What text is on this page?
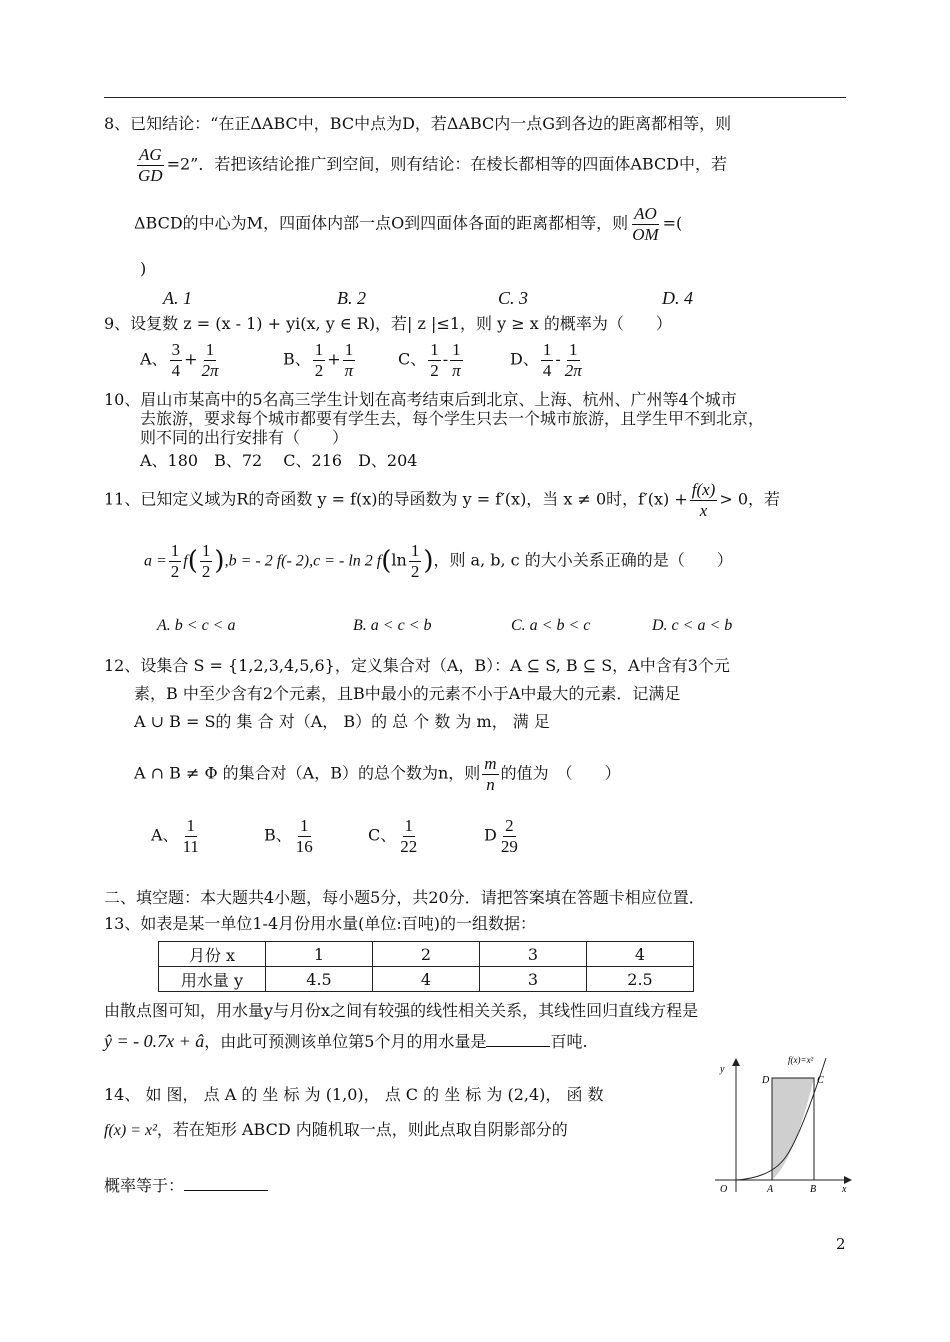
8、已知结论：“在正ΔABC中，BC中点为D，若ΔABC内一点G到各边的距离都相等，则
$\frac{AG}{GD} =2$”．若把该结论推广到空间，则有结论：在棱长都相等的四面体ABCD中，若
ΔBCD的中心为M，四面体内部一点O到四面体各面的距离都相等，则 $\frac{AO}{OM}$ =(
)
A. 1	B. 2	C. 3	D. 4
9、设复数 z = (x - 1) + yi(x, y ∈ R)，若| z |≤1，则 y ≥ x 的概率为（　　）
A、 $\frac{3}{4} + \frac{1}{2\pi}$	B、 $\frac{1}{2} + \frac{1}{\pi}$	C、 $\frac{1}{2} - \frac{1}{\pi}$	D、 $\frac{1}{4} - \frac{1}{2\pi}$
10、眉山市某高中的5名高三学生计划在高考结束后到北京、上海、杭州、广州等4个城市
去旅游，要求每个城市都要有学生去，每个学生只去一个城市旅游，且学生甲不到北京，
则不同的出行安排有（　　）
A、180　B、72　 C、216　D、204
11、已知定义域为R的奇函数 y = f(x)的导函数为 y = f′(x)，当 x ≠ 0时，$f'(x) + \frac{f(x)}{x} > 0$，若
$a = \frac{1}{2} f( \frac{1}{2} ),b$ = - 2 f(- 2),c = - ln 2 $f(\ln \frac{1}{2}$ )，则 a, b, c 的大小关系正确的是（　　）
A. b < c < a	B. a < c < b	C. a < b < c	D. c < a < b
12、设集合 S = {1,2,3,4,5,6}，定义集合对（A，B）：A ⊆ S, B ⊆ S，A中含有3个元
素，B 中至少含有2个元素，且B中最小的元素不小于A中最大的元素．记满足
A ∪ B = S的 集 合 对（A， B）的 总 个 数 为 m， 满 足
A ∩ B ≠ Φ 的集合对（A，B）的总个数为n，则 $\frac{m}{n}$ 的值为　（　　）
A、 $\frac{1}{11}$	B、 $\frac{1}{16}$	C、 $\frac{1}{22}$	D $\frac{2}{29}$
二、填空题：本大题共4小题，每小题5分，共20分．请把答案填在答题卡相应位置．
13、如表是某一单位1-4月份用水量(单位:百吨)的一组数据：
月份 x	1	2	3	4
用水量 y	4.5	4	3	2.5
由散点图可知，用水量y与月份x之间有较强的线性相关关系，其线性回归直线方程是
ŷ = - 0.7x + â，由此可预测该单位第5个月的用水量是	百吨.
14、 如 图， 点 A 的 坐 标 为 (1,0)， 点 C 的 坐 标 为 (2,4)， 函 数
f(x) = x²，若在矩形 ABCD 内随机取一点，则此点取自阴影部分的
概率等于：
f(x)=x²
y
x
O	A	B
C
D
2
